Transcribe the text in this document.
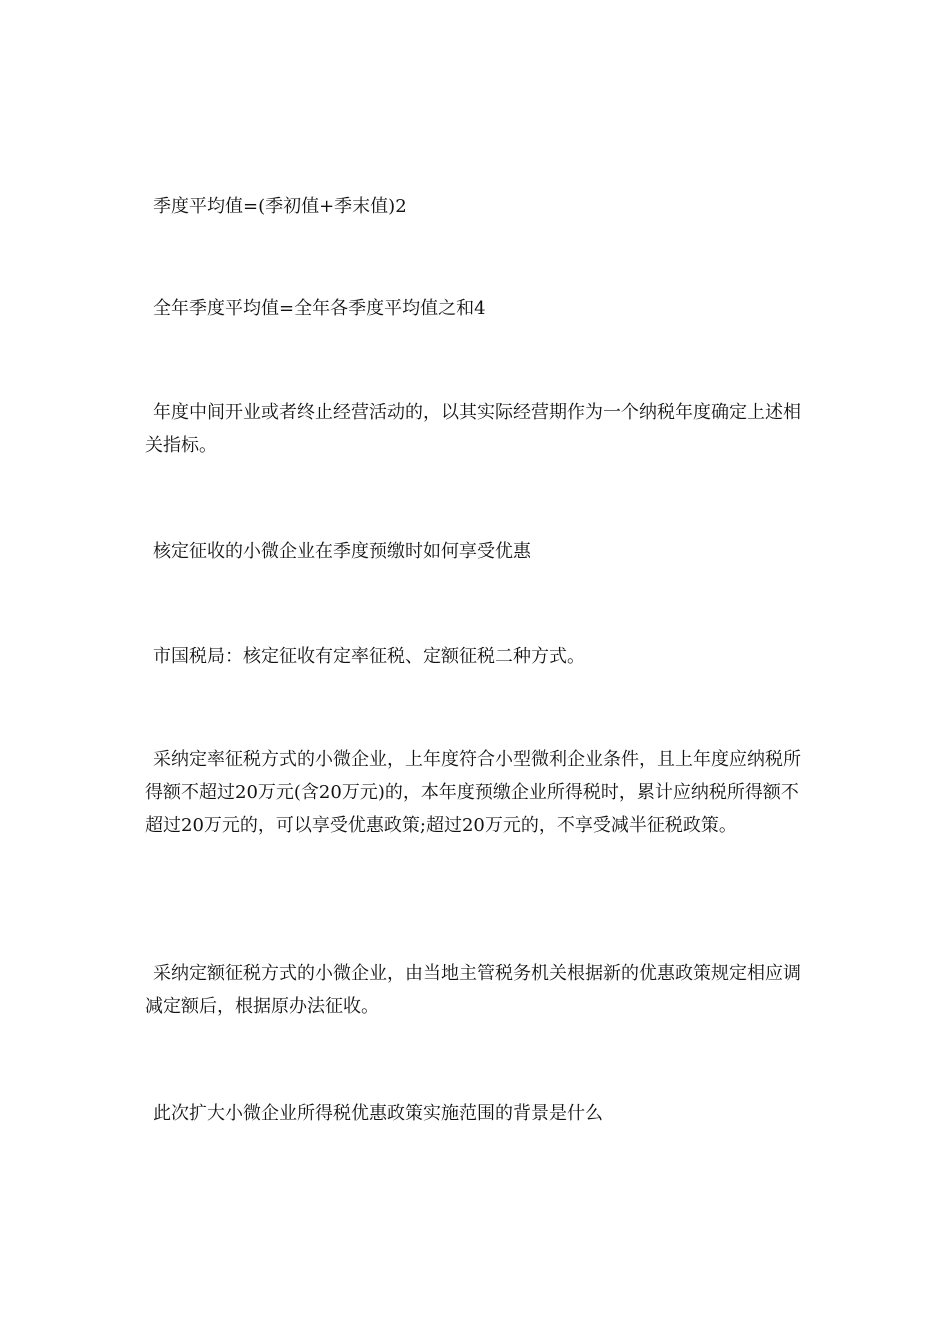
季度平均值=(季初值+季末值)2

全年季度平均值=全年各季度平均值之和4

年度中间开业或者终止经营活动的，以其实际经营期作为一个纳税年度确定上述相关指标。

核定征收的小微企业在季度预缴时如何享受优惠

市国税局：核定征收有定率征税、定额征税二种方式。

采纳定率征税方式的小微企业，上年度符合小型微利企业条件，且上年度应纳税所得额不超过20万元(含20万元)的，本年度预缴企业所得税时，累计应纳税所得额不超过20万元的，可以享受优惠政策;超过20万元的，不享受减半征税政策。

采纳定额征税方式的小微企业，由当地主管税务机关根据新的优惠政策规定相应调减定额后，根据原办法征收。

此次扩大小微企业所得税优惠政策实施范围的背景是什么
